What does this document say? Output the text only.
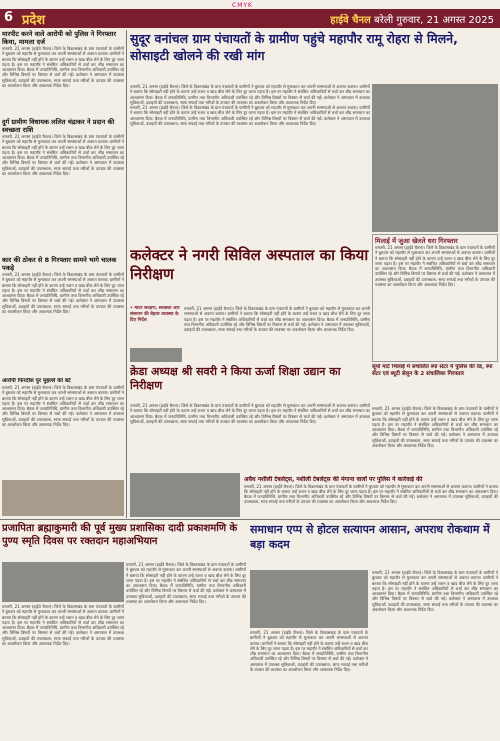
CMYK
6 प्रदेश	हाईवे चैनल बरेली गुरुवार, 21 अगस्त 2025

मारपीट करने वाले आरोपी को पुलिस ने गिरफ्तार किया, मामला दर्ज

धमतरी, 21 अगस्त (हाईवे चैनल)। जिले के विकासखंड के ग्राम पंचायतों के ग्रामीणों ने बुधवार को महापौर से मुलाकात कर अपनी समस्याओं से अवगत कराया। ग्रामीणों ने बताया कि सोसाइटी नहीं होने के कारण उन्हें राशन व खाद बीज लेने के लिए दूर जाना पड़ता है। इस पर महापौर ने संबंधित अधिकारियों से चर्चा कर शीघ्र समाधान का आश्वासन दिया। बैठक में जनप्रतिनिधि, ग्रामीण तथा विभागीय अधिकारी उपस्थित रहे और विभिन्न विषयों पर विस्तार से चर्चा की गई। कलेक्टर ने अस्पताल में उपलब्ध सुविधाओं, दवाइयों की उपलब्धता, साफ सफाई तथा मरीजों के उपचार की व्यवस्था का अवलोकन किया और आवश्यक निर्देश दिए।

दुर्ग ग्रामीण विधायक ललित चंद्राकर ने प्रदान की स्वच्छता राशि

धमतरी, 21 अगस्त (हाईवे चैनल)। जिले के विकासखंड के ग्राम पंचायतों के ग्रामीणों ने बुधवार को महापौर से मुलाकात कर अपनी समस्याओं से अवगत कराया। ग्रामीणों ने बताया कि सोसाइटी नहीं होने के कारण उन्हें राशन व खाद बीज लेने के लिए दूर जाना पड़ता है। इस पर महापौर ने संबंधित अधिकारियों से चर्चा कर शीघ्र समाधान का आश्वासन दिया। बैठक में जनप्रतिनिधि, ग्रामीण तथा विभागीय अधिकारी उपस्थित रहे और विभिन्न विषयों पर विस्तार से चर्चा की गई। कलेक्टर ने अस्पताल में उपलब्ध सुविधाओं, दवाइयों की उपलब्धता, साफ सफाई तथा मरीजों के उपचार की व्यवस्था का अवलोकन किया और आवश्यक निर्देश दिए।

कार की ठोकर से 8 गिरफ्तार सामने भागे चालक पकड़े

धमतरी, 21 अगस्त (हाईवे चैनल)। जिले के विकासखंड के ग्राम पंचायतों के ग्रामीणों ने बुधवार को महापौर से मुलाकात कर अपनी समस्याओं से अवगत कराया। ग्रामीणों ने बताया कि सोसाइटी नहीं होने के कारण उन्हें राशन व खाद बीज लेने के लिए दूर जाना पड़ता है। इस पर महापौर ने संबंधित अधिकारियों से चर्चा कर शीघ्र समाधान का आश्वासन दिया। बैठक में जनप्रतिनिधि, ग्रामीण तथा विभागीय अधिकारी उपस्थित रहे और विभिन्न विषयों पर विस्तार से चर्चा की गई। कलेक्टर ने अस्पताल में उपलब्ध सुविधाओं, दवाइयों की उपलब्धता, साफ सफाई तथा मरीजों के उपचार की व्यवस्था का अवलोकन किया और आवश्यक निर्देश दिए।

आरोपी फिरदौस पुर मुहल्ले को बंटे

धमतरी, 21 अगस्त (हाईवे चैनल)। जिले के विकासखंड के ग्राम पंचायतों के ग्रामीणों ने बुधवार को महापौर से मुलाकात कर अपनी समस्याओं से अवगत कराया। ग्रामीणों ने बताया कि सोसाइटी नहीं होने के कारण उन्हें राशन व खाद बीज लेने के लिए दूर जाना पड़ता है। इस पर महापौर ने संबंधित अधिकारियों से चर्चा कर शीघ्र समाधान का आश्वासन दिया। बैठक में जनप्रतिनिधि, ग्रामीण तथा विभागीय अधिकारी उपस्थित रहे और विभिन्न विषयों पर विस्तार से चर्चा की गई। कलेक्टर ने अस्पताल में उपलब्ध सुविधाओं, दवाइयों की उपलब्धता, साफ सफाई तथा मरीजों के उपचार की व्यवस्था का अवलोकन किया और आवश्यक निर्देश दिए।

सुदूर वनांचल ग्राम पंचायतों के ग्रामीण पहुंचे महापौर रामू रोहरा से मिलने, सोसाइटी खोलने की रखी मांग

धमतरी, 21 अगस्त (हाईवे चैनल)। जिले के विकासखंड के ग्राम पंचायतों के ग्रामीणों ने बुधवार को महापौर से मुलाकात कर अपनी समस्याओं से अवगत कराया। ग्रामीणों ने बताया कि सोसाइटी नहीं होने के कारण उन्हें राशन व खाद बीज लेने के लिए दूर जाना पड़ता है। इस पर महापौर ने संबंधित अधिकारियों से चर्चा कर शीघ्र समाधान का आश्वासन दिया। बैठक में जनप्रतिनिधि, ग्रामीण तथा विभागीय अधिकारी उपस्थित रहे और विभिन्न विषयों पर विस्तार से चर्चा की गई। कलेक्टर ने अस्पताल में उपलब्ध सुविधाओं, दवाइयों की उपलब्धता, साफ सफाई तथा मरीजों के उपचार की व्यवस्था का अवलोकन किया और आवश्यक निर्देश दिए।

धमतरी, 21 अगस्त (हाईवे चैनल)। जिले के विकासखंड के ग्राम पंचायतों के ग्रामीणों ने बुधवार को महापौर से मुलाकात कर अपनी समस्याओं से अवगत कराया। ग्रामीणों ने बताया कि सोसाइटी नहीं होने के कारण उन्हें राशन व खाद बीज लेने के लिए दूर जाना पड़ता है। इस पर महापौर ने संबंधित अधिकारियों से चर्चा कर शीघ्र समाधान का आश्वासन दिया। बैठक में जनप्रतिनिधि, ग्रामीण तथा विभागीय अधिकारी उपस्थित रहे और विभिन्न विषयों पर विस्तार से चर्चा की गई। कलेक्टर ने अस्पताल में उपलब्ध सुविधाओं, दवाइयों की उपलब्धता, साफ सफाई तथा मरीजों के उपचार की व्यवस्था का अवलोकन किया और आवश्यक निर्देश दिए।

मिलाई में जुआ खेलते धरा गिरफ्तार

धमतरी, 21 अगस्त (हाईवे चैनल)। जिले के विकासखंड के ग्राम पंचायतों के ग्रामीणों ने बुधवार को महापौर से मुलाकात कर अपनी समस्याओं से अवगत कराया। ग्रामीणों ने बताया कि सोसाइटी नहीं होने के कारण उन्हें राशन व खाद बीज लेने के लिए दूर जाना पड़ता है। इस पर महापौर ने संबंधित अधिकारियों से चर्चा कर शीघ्र समाधान का आश्वासन दिया। बैठक में जनप्रतिनिधि, ग्रामीण तथा विभागीय अधिकारी उपस्थित रहे और विभिन्न विषयों पर विस्तार से चर्चा की गई। कलेक्टर ने अस्पताल में उपलब्ध सुविधाओं, दवाइयों की उपलब्धता, साफ सफाई तथा मरीजों के उपचार की व्यवस्था का अवलोकन किया और आवश्यक निर्देश दिए।

कलेक्टर ने नगरी सिविल अस्पताल का किया निरीक्षण

• मंदिर संरक्षण, स्वच्छता और संसाधन की बेहतर व्यवस्था के दिए निर्देश

धमतरी, 21 अगस्त (हाईवे चैनल)। जिले के विकासखंड के ग्राम पंचायतों के ग्रामीणों ने बुधवार को महापौर से मुलाकात कर अपनी समस्याओं से अवगत कराया। ग्रामीणों ने बताया कि सोसाइटी नहीं होने के कारण उन्हें राशन व खाद बीज लेने के लिए दूर जाना पड़ता है। इस पर महापौर ने संबंधित अधिकारियों से चर्चा कर शीघ्र समाधान का आश्वासन दिया। बैठक में जनप्रतिनिधि, ग्रामीण तथा विभागीय अधिकारी उपस्थित रहे और विभिन्न विषयों पर विस्तार से चर्चा की गई। कलेक्टर ने अस्पताल में उपलब्ध सुविधाओं, दवाइयों की उपलब्धता, साफ सफाई तथा मरीजों के उपचार की व्यवस्था का अवलोकन किया और आवश्यक निर्देश दिए।

क्रेडा अध्यक्ष श्री सवरी ने किया ऊर्जा शिक्षा उद्यान का निरीक्षण

धमतरी, 21 अगस्त (हाईवे चैनल)। जिले के विकासखंड के ग्राम पंचायतों के ग्रामीणों ने बुधवार को महापौर से मुलाकात कर अपनी समस्याओं से अवगत कराया। ग्रामीणों ने बताया कि सोसाइटी नहीं होने के कारण उन्हें राशन व खाद बीज लेने के लिए दूर जाना पड़ता है। इस पर महापौर ने संबंधित अधिकारियों से चर्चा कर शीघ्र समाधान का आश्वासन दिया। बैठक में जनप्रतिनिधि, ग्रामीण तथा विभागीय अधिकारी उपस्थित रहे और विभिन्न विषयों पर विस्तार से चर्चा की गई। कलेक्टर ने अस्पताल में उपलब्ध सुविधाओं, दवाइयों की उपलब्धता, साफ सफाई तथा मरीजों के उपचार की व्यवस्था का अवलोकन किया और आवश्यक निर्देश दिए।

सूर्या मार्ट भिलाई में संचालित स्पा सेंटर में पुलिस की रेड, स्पा सेंटर एवं ब्यूटी सेलून के 2 संचालिका गिरफ्तार

धमतरी, 21 अगस्त (हाईवे चैनल)। जिले के विकासखंड के ग्राम पंचायतों के ग्रामीणों ने बुधवार को महापौर से मुलाकात कर अपनी समस्याओं से अवगत कराया। ग्रामीणों ने बताया कि सोसाइटी नहीं होने के कारण उन्हें राशन व खाद बीज लेने के लिए दूर जाना पड़ता है। इस पर महापौर ने संबंधित अधिकारियों से चर्चा कर शीघ्र समाधान का आश्वासन दिया। बैठक में जनप्रतिनिधि, ग्रामीण तथा विभागीय अधिकारी उपस्थित रहे और विभिन्न विषयों पर विस्तार से चर्चा की गई। कलेक्टर ने अस्पताल में उपलब्ध सुविधाओं, दवाइयों की उपलब्धता, साफ सफाई तथा मरीजों के उपचार की व्यवस्था का अवलोकन किया और आवश्यक निर्देश दिए।

अवैध नशीली टेबलेट्स, नशीली टेबलेट्स की मंगाना वालों पर पुलिस ने कार्रवाई की

धमतरी, 21 अगस्त (हाईवे चैनल)। जिले के विकासखंड के ग्राम पंचायतों के ग्रामीणों ने बुधवार को महापौर से मुलाकात कर अपनी समस्याओं से अवगत कराया। ग्रामीणों ने बताया कि सोसाइटी नहीं होने के कारण उन्हें राशन व खाद बीज लेने के लिए दूर जाना पड़ता है। इस पर महापौर ने संबंधित अधिकारियों से चर्चा कर शीघ्र समाधान का आश्वासन दिया। बैठक में जनप्रतिनिधि, ग्रामीण तथा विभागीय अधिकारी उपस्थित रहे और विभिन्न विषयों पर विस्तार से चर्चा की गई। कलेक्टर ने अस्पताल में उपलब्ध सुविधाओं, दवाइयों की उपलब्धता, साफ सफाई तथा मरीजों के उपचार की व्यवस्था का अवलोकन किया और आवश्यक निर्देश दिए।

प्रजापिता ब्रह्माकुमारी की पूर्व मुख्य प्रशासिका दादी प्रकाशमणि के पुण्य स्मृति दिवस पर रक्तदान महाअभियान

धमतरी, 21 अगस्त (हाईवे चैनल)। जिले के विकासखंड के ग्राम पंचायतों के ग्रामीणों ने बुधवार को महापौर से मुलाकात कर अपनी समस्याओं से अवगत कराया। ग्रामीणों ने बताया कि सोसाइटी नहीं होने के कारण उन्हें राशन व खाद बीज लेने के लिए दूर जाना पड़ता है। इस पर महापौर ने संबंधित अधिकारियों से चर्चा कर शीघ्र समाधान का आश्वासन दिया। बैठक में जनप्रतिनिधि, ग्रामीण तथा विभागीय अधिकारी उपस्थित रहे और विभिन्न विषयों पर विस्तार से चर्चा की गई। कलेक्टर ने अस्पताल में उपलब्ध सुविधाओं, दवाइयों की उपलब्धता, साफ सफाई तथा मरीजों के उपचार की व्यवस्था का अवलोकन किया और आवश्यक निर्देश दिए।

धमतरी, 21 अगस्त (हाईवे चैनल)। जिले के विकासखंड के ग्राम पंचायतों के ग्रामीणों ने बुधवार को महापौर से मुलाकात कर अपनी समस्याओं से अवगत कराया। ग्रामीणों ने बताया कि सोसाइटी नहीं होने के कारण उन्हें राशन व खाद बीज लेने के लिए दूर जाना पड़ता है। इस पर महापौर ने संबंधित अधिकारियों से चर्चा कर शीघ्र समाधान का आश्वासन दिया। बैठक में जनप्रतिनिधि, ग्रामीण तथा विभागीय अधिकारी उपस्थित रहे और विभिन्न विषयों पर विस्तार से चर्चा की गई। कलेक्टर ने अस्पताल में उपलब्ध सुविधाओं, दवाइयों की उपलब्धता, साफ सफाई तथा मरीजों के उपचार की व्यवस्था का अवलोकन किया और आवश्यक निर्देश दिए।

समाधान एप्प से होटल सत्यापन आसान, अपराध रोकथाम में बड़ा कदम

धमतरी, 21 अगस्त (हाईवे चैनल)। जिले के विकासखंड के ग्राम पंचायतों के ग्रामीणों ने बुधवार को महापौर से मुलाकात कर अपनी समस्याओं से अवगत कराया। ग्रामीणों ने बताया कि सोसाइटी नहीं होने के कारण उन्हें राशन व खाद बीज लेने के लिए दूर जाना पड़ता है। इस पर महापौर ने संबंधित अधिकारियों से चर्चा कर शीघ्र समाधान का आश्वासन दिया। बैठक में जनप्रतिनिधि, ग्रामीण तथा विभागीय अधिकारी उपस्थित रहे और विभिन्न विषयों पर विस्तार से चर्चा की गई। कलेक्टर ने अस्पताल में उपलब्ध सुविधाओं, दवाइयों की उपलब्धता, साफ सफाई तथा मरीजों के उपचार की व्यवस्था का अवलोकन किया और आवश्यक निर्देश दिए।

धमतरी, 21 अगस्त (हाईवे चैनल)। जिले के विकासखंड के ग्राम पंचायतों के ग्रामीणों ने बुधवार को महापौर से मुलाकात कर अपनी समस्याओं से अवगत कराया। ग्रामीणों ने बताया कि सोसाइटी नहीं होने के कारण उन्हें राशन व खाद बीज लेने के लिए दूर जाना पड़ता है। इस पर महापौर ने संबंधित अधिकारियों से चर्चा कर शीघ्र समाधान का आश्वासन दिया। बैठक में जनप्रतिनिधि, ग्रामीण तथा विभागीय अधिकारी उपस्थित रहे और विभिन्न विषयों पर विस्तार से चर्चा की गई। कलेक्टर ने अस्पताल में उपलब्ध सुविधाओं, दवाइयों की उपलब्धता, साफ सफाई तथा मरीजों के उपचार की व्यवस्था का अवलोकन किया और आवश्यक निर्देश दिए।
